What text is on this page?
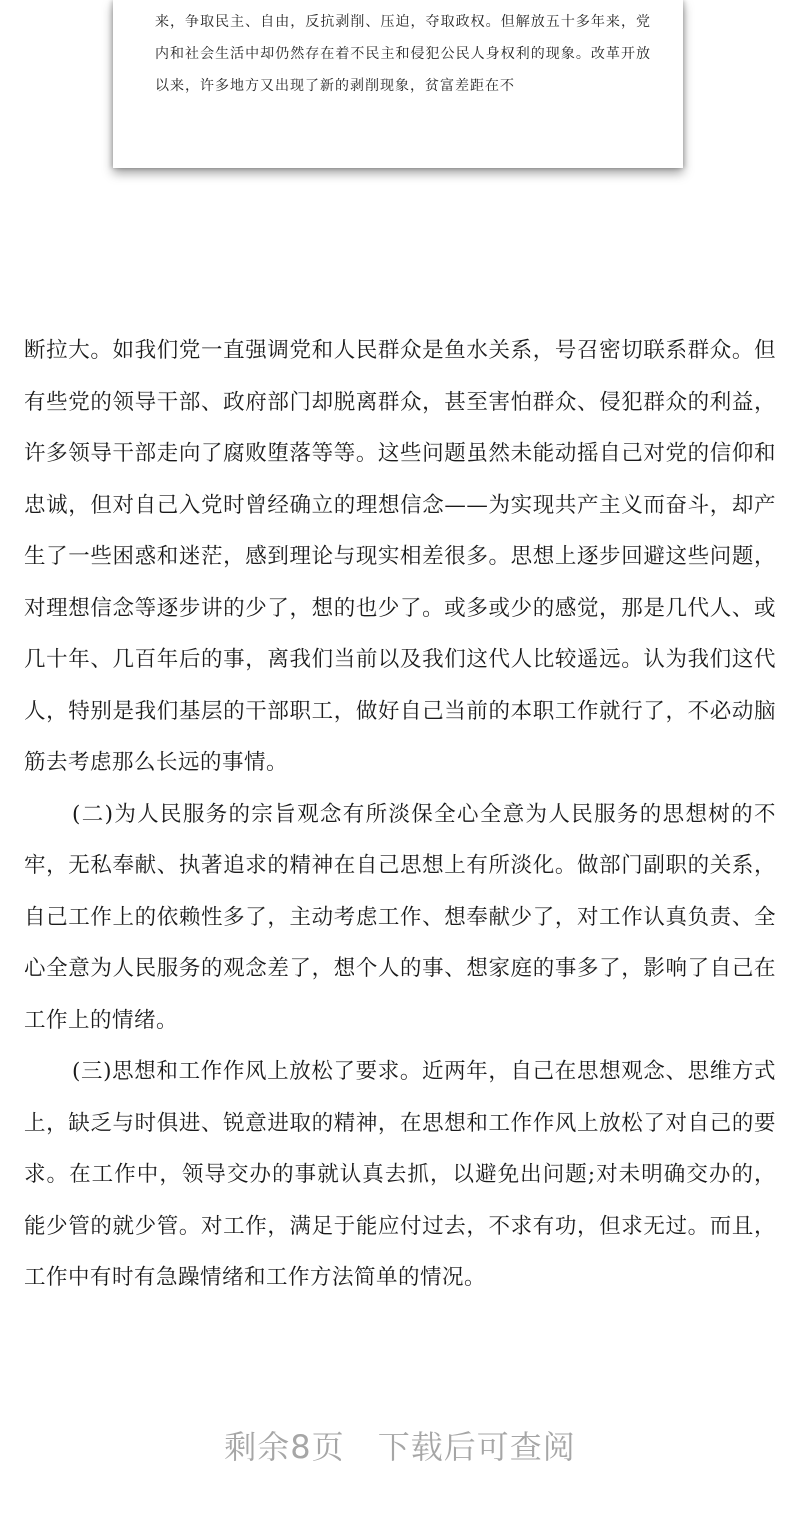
来，争取民主、自由，反抗剥削、压迫，夺取政权。但解放五十多年来，党内和社会生活中却仍然存在着不民主和侵犯公民人身权利的现象。改革开放以来，许多地方又出现了新的剥削现象，贫富差距在不

断拉大。如我们党一直强调党和人民群众是鱼水关系，号召密切联系群众。但有些党的领导干部、政府部门却脱离群众，甚至害怕群众、侵犯群众的利益，许多领导干部走向了腐败堕落等等。这些问题虽然未能动摇自己对党的信仰和忠诚，但对自己入党时曾经确立的理想信念——为实现共产主义而奋斗，却产生了一些困惑和迷茫，感到理论与现实相差很多。思想上逐步回避这些问题，对理想信念等逐步讲的少了，想的也少了。或多或少的感觉，那是几代人、或几十年、几百年后的事，离我们当前以及我们这代人比较遥远。认为我们这代人，特别是我们基层的干部职工，做好自己当前的本职工作就行了，不必动脑筋去考虑那么长远的事情。

(二)为人民服务的宗旨观念有所淡保全心全意为人民服务的思想树的不牢，无私奉献、执著追求的精神在自己思想上有所淡化。做部门副职的关系，自己工作上的依赖性多了，主动考虑工作、想奉献少了，对工作认真负责、全心全意为人民服务的观念差了，想个人的事、想家庭的事多了，影响了自己在工作上的情绪。

(三)思想和工作作风上放松了要求。近两年，自己在思想观念、思维方式上，缺乏与时俱进、锐意进取的精神，在思想和工作作风上放松了对自己的要求。在工作中，领导交办的事就认真去抓，以避免出问题;对未明确交办的，能少管的就少管。对工作，满足于能应付过去，不求有功，但求无过。而且，工作中有时有急躁情绪和工作方法简单的情况。

剩余8页　 下载后可查阅
